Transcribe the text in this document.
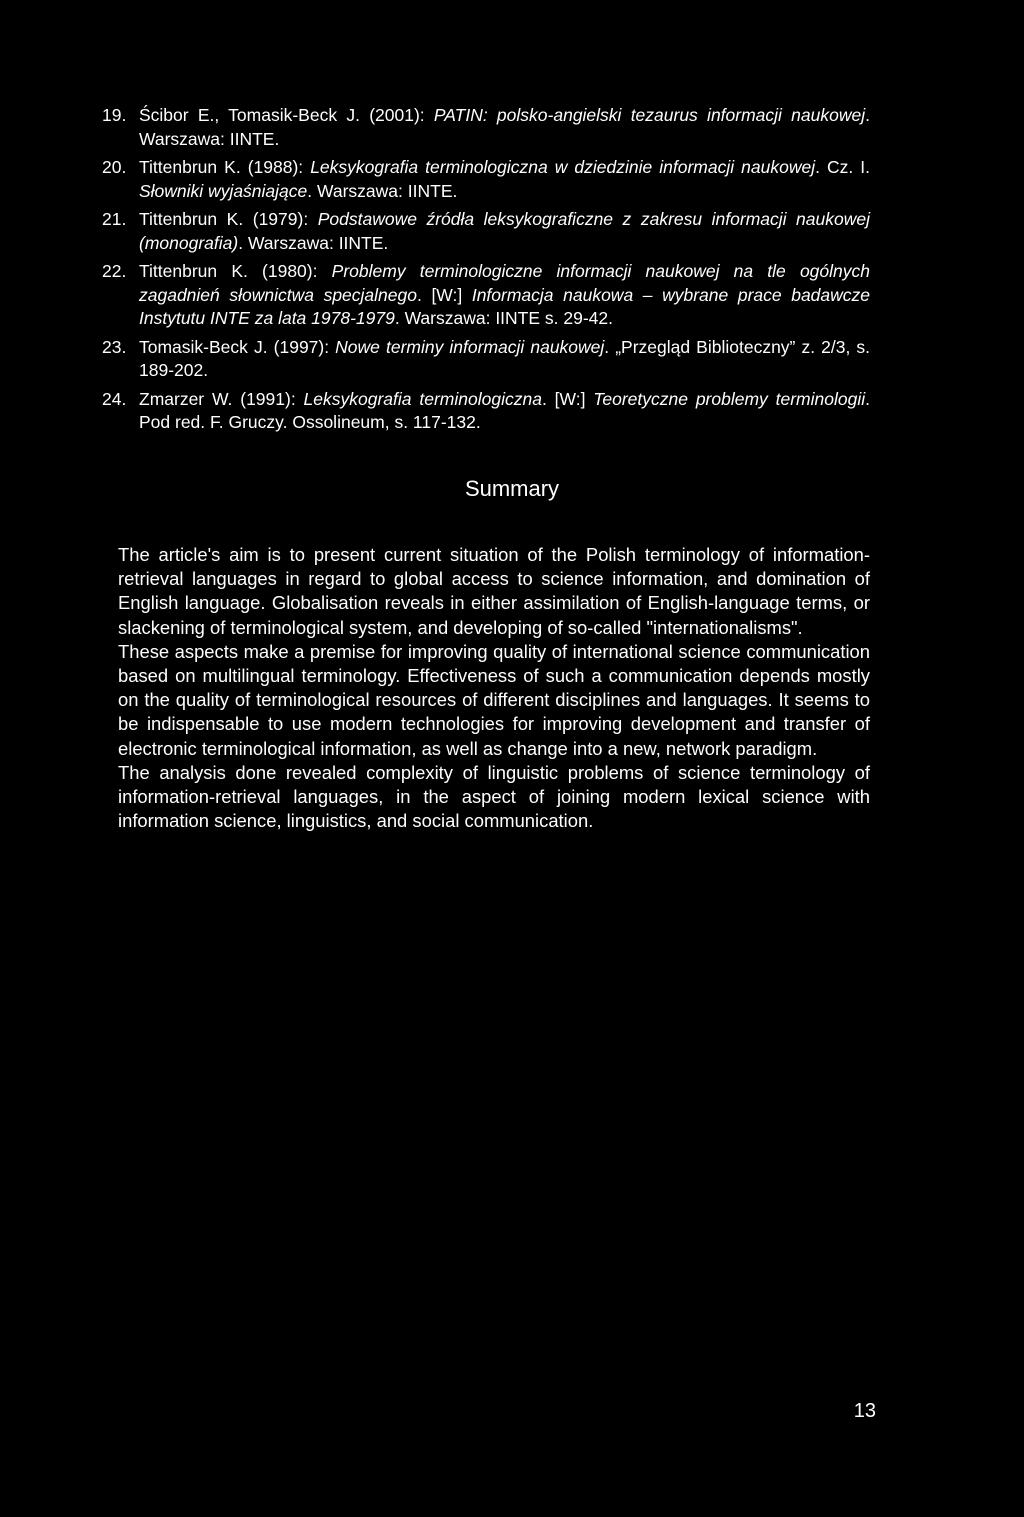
19. Ścibor E., Tomasik-Beck J. (2001): PATIN: polsko-angielski tezaurus informacji naukowej. Warszawa: IINTE.
20. Tittenbrun K. (1988): Leksykografia terminologiczna w dziedzinie informacji naukowej. Cz. I. Słowniki wyjaśniające. Warszawa: IINTE.
21. Tittenbrun K. (1979): Podstawowe źródła leksykograficzne z zakresu informacji naukowej (monografia). Warszawa: IINTE.
22. Tittenbrun K. (1980): Problemy terminologiczne informacji naukowej na tle ogólnych zagadnień słownictwa specjalnego. [W:] Informacja naukowa – wybrane prace badawcze Instytutu INTE za lata 1978-1979. Warszawa: IINTE s. 29-42.
23. Tomasik-Beck J. (1997): Nowe terminy informacji naukowej. „Przegląd Biblioteczny” z. 2/3, s. 189-202.
24. Zmarzer W. (1991): Leksykografia terminologiczna. [W:] Teoretyczne problemy terminologii. Pod red. F. Gruczy. Ossolineum, s. 117-132.
Summary

The article's aim is to present current situation of the Polish terminology of information-retrieval languages in regard to global access to science information, and domination of English language. Globalisation reveals in either assimilation of English-language terms, or slackening of terminological system, and developing of so-called "internationalisms".

These aspects make a premise for improving quality of international science communication based on multilingual terminology. Effectiveness of such a communication depends mostly on the quality of terminological resources of different disciplines and languages. It seems to be indispensable to use modern technologies for improving development and transfer of electronic terminological information, as well as change into a new, network paradigm.

The analysis done revealed complexity of linguistic problems of science terminology of information-retrieval languages, in the aspect of joining modern lexical science with information science, linguistics, and social communication.

13
